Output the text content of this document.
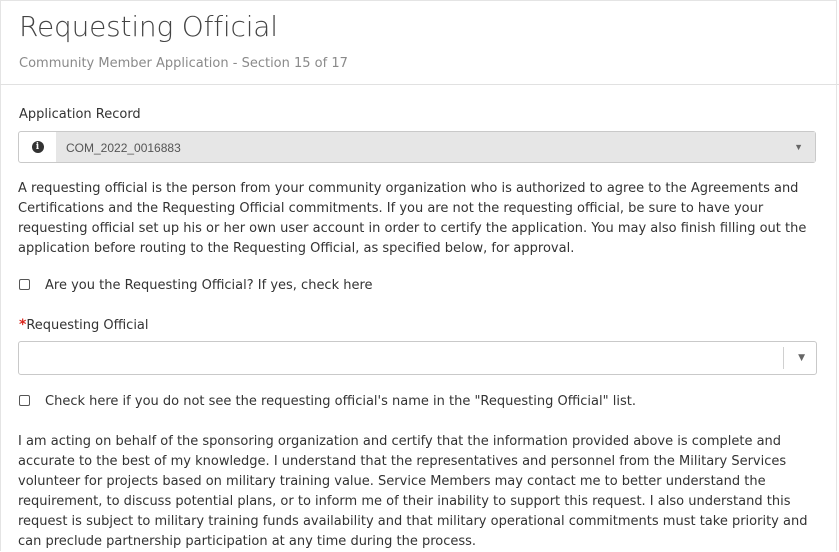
Requesting Official
Community Member Application - Section 15 of 17
Application Record
i	COM_2022_0016883	▼
A requesting official is the person from your community organization who is authorized to agree to the Agreements and Certifications and the Requesting Official commitments. If you are not the requesting official, be sure to have your requesting official set up his or her own user account in order to certify the application. You may also finish filling out the application before routing to the Requesting Official, as specified below, for approval.
Are you the Requesting Official? If yes, check here
*Requesting Official
▼
Check here if you do not see the requesting official's name in the "Requesting Official" list.
I am acting on behalf of the sponsoring organization and certify that the information provided above is complete and accurate to the best of my knowledge. I understand that the representatives and personnel from the Military Services volunteer for projects based on military training value. Service Members may contact me to better understand the requirement, to discuss potential plans, or to inform me of their inability to support this request. I also understand this request is subject to military training funds availability and that military operational commitments must take priority and can preclude partnership participation at any time during the process.
